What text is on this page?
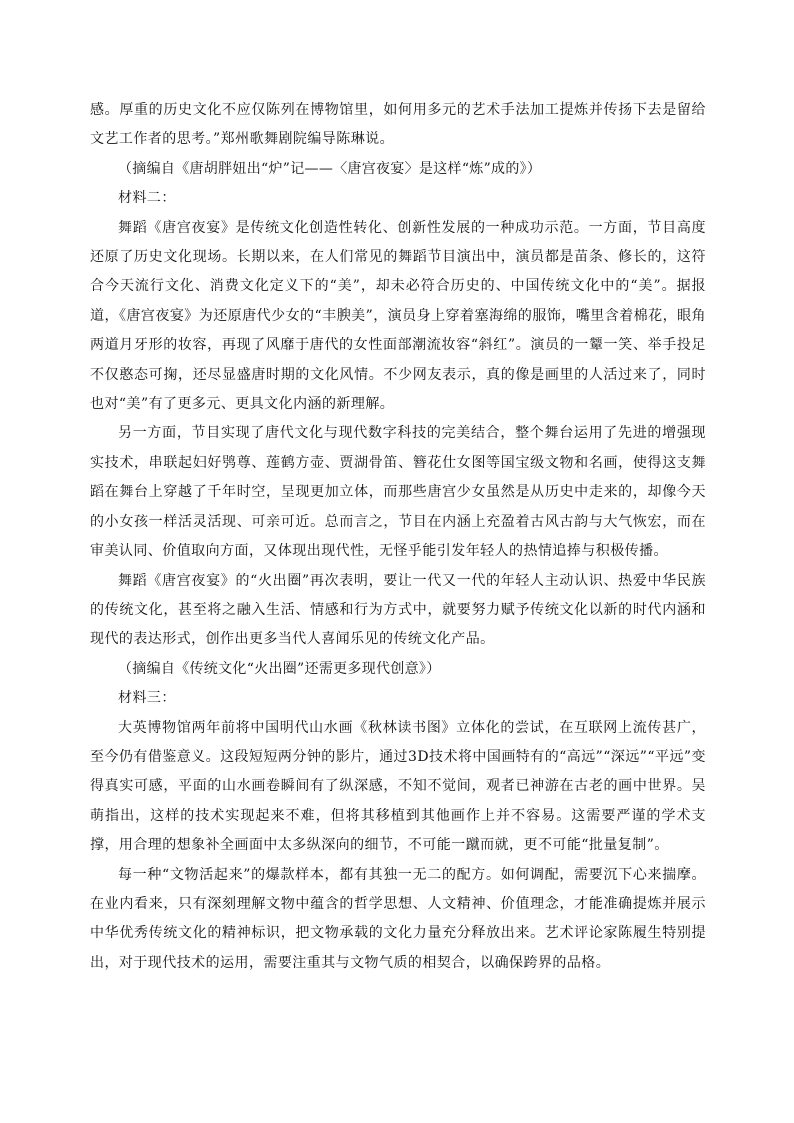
感。厚重的历史文化不应仅陈列在博物馆里，如何用多元的艺术手法加工提炼并传扬下去是留给文艺工作者的思考。”郑州歌舞剧院编导陈琳说。

（摘编自《唐胡胖妞出“炉”记——〈唐宫夜宴〉是这样“炼”成的》）

材料二：

舞蹈《唐宫夜宴》是传统文化创造性转化、创新性发展的一种成功示范。一方面，节目高度还原了历史文化现场。长期以来，在人们常见的舞蹈节目演出中，演员都是苗条、修长的，这符合今天流行文化、消费文化定义下的“美”，却未必符合历史的、中国传统文化中的“美”。据报道，《唐宫夜宴》为还原唐代少女的“丰腴美”，演员身上穿着塞海绵的服饰，嘴里含着棉花，眼角两道月牙形的妆容，再现了风靡于唐代的女性面部潮流妆容“斜红”。演员的一颦一笑、举手投足不仅憨态可掬，还尽显盛唐时期的文化风情。不少网友表示，真的像是画里的人活过来了，同时也对“美”有了更多元、更具文化内涵的新理解。

另一方面，节目实现了唐代文化与现代数字科技的完美结合，整个舞台运用了先进的增强现实技术，串联起妇好鸮尊、莲鹤方壶、贾湖骨笛、簪花仕女图等国宝级文物和名画，使得这支舞蹈在舞台上穿越了千年时空，呈现更加立体，而那些唐宫少女虽然是从历史中走来的，却像今天的小女孩一样活灵活现、可亲可近。总而言之，节目在内涵上充盈着古风古韵与大气恢宏，而在审美认同、价值取向方面，又体现出现代性，无怪乎能引发年轻人的热情追捧与积极传播。

舞蹈《唐宫夜宴》的“火出圈”再次表明，要让一代又一代的年轻人主动认识、热爱中华民族的传统文化，甚至将之融入生活、情感和行为方式中，就要努力赋予传统文化以新的时代内涵和现代的表达形式，创作出更多当代人喜闻乐见的传统文化产品。

（摘编自《传统文化“火出圈”还需更多现代创意》）

材料三：

大英博物馆两年前将中国明代山水画《秋林读书图》立体化的尝试，在互联网上流传甚广，至今仍有借鉴意义。这段短短两分钟的影片，通过3D技术将中国画特有的“高远”“深远”“平远”变得真实可感，平面的山水画卷瞬间有了纵深感，不知不觉间，观者已神游在古老的画中世界。吴萌指出，这样的技术实现起来不难，但将其移植到其他画作上并不容易。这需要严谨的学术支撑，用合理的想象补全画面中太多纵深向的细节，不可能一蹴而就，更不可能“批量复制”。

每一种“文物活起来”的爆款样本，都有其独一无二的配方。如何调配，需要沉下心来揣摩。在业内看来，只有深刻理解文物中蕴含的哲学思想、人文精神、价值理念，才能准确提炼并展示中华优秀传统文化的精神标识，把文物承载的文化力量充分释放出来。艺术评论家陈履生特别提出，对于现代技术的运用，需要注重其与文物气质的相契合，以确保跨界的品格。
